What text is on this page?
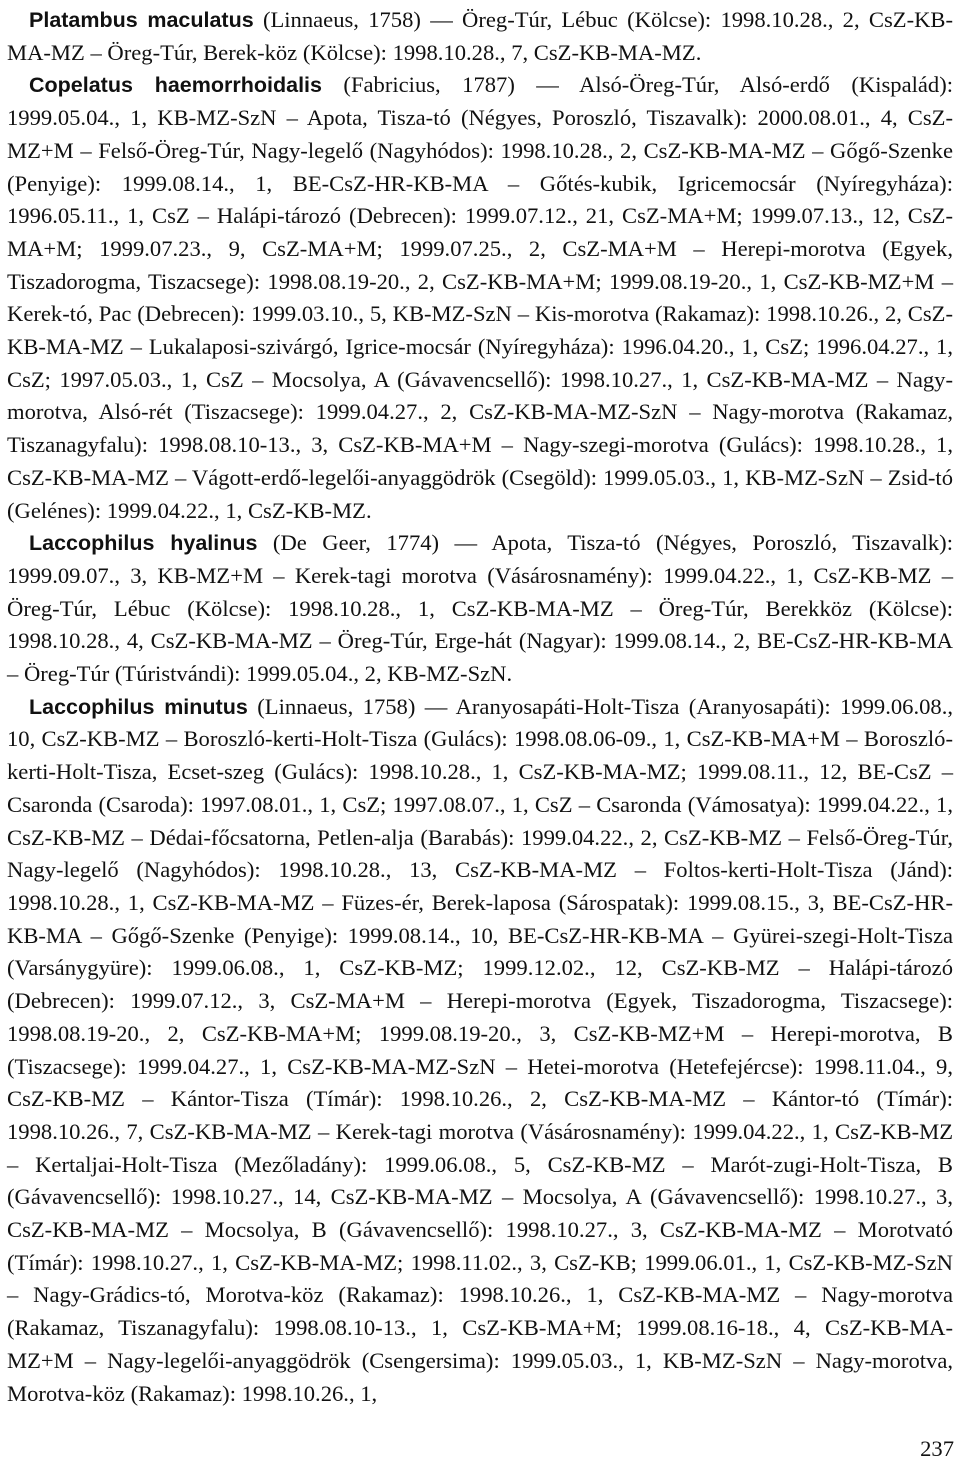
Platambus maculatus (Linnaeus, 1758) — Öreg-Túr, Lébuc (Kölcse): 1998.10.28., 2, CsZ-KB-MA-MZ – Öreg-Túr, Berek-köz (Kölcse): 1998.10.28., 7, CsZ-KB-MA-MZ.

Copelatus haemorrhoidalis (Fabricius, 1787) — Alsó-Öreg-Túr, Alsó-erdő (Kispalád): 1999.05.04., 1, KB-MZ-SzN – Apota, Tisza-tó (Négyes, Poroszló, Tiszavalk): 2000.08.01., 4, CsZ-MZ+M – Felső-Öreg-Túr, Nagy-legelő (Nagyhódos): 1998.10.28., 2, CsZ-KB-MA-MZ – Gőgő-Szenke (Penyige): 1999.08.14., 1, BE-CsZ-HR-KB-MA – Gőtés-kubik, Igricemocsár (Nyíregyháza): 1996.05.11., 1, CsZ – Halápi-tározó (Debrecen): 1999.07.12., 21, CsZ-MA+M; 1999.07.13., 12, CsZ-MA+M; 1999.07.23., 9, CsZ-MA+M; 1999.07.25., 2, CsZ-MA+M – Herepi-morotva (Egyek, Tiszadorogma, Tiszacsege): 1998.08.19-20., 2, CsZ-KB-MA+M; 1999.08.19-20., 1, CsZ-KB-MZ+M – Kerek-tó, Pac (Debrecen): 1999.03.10., 5, KB-MZ-SzN – Kis-morotva (Rakamaz): 1998.10.26., 2, CsZ-KB-MA-MZ – Lukalaposi-szivárgó, Igrice-mocsár (Nyíregyháza): 1996.04.20., 1, CsZ; 1996.04.27., 1, CsZ; 1997.05.03., 1, CsZ – Mocsolya, A (Gávavencsellő): 1998.10.27., 1, CsZ-KB-MA-MZ – Nagy-morotva, Alsó-rét (Tiszacsege): 1999.04.27., 2, CsZ-KB-MA-MZ-SzN – Nagy-morotva (Rakamaz, Tiszanagyfalu): 1998.08.10-13., 3, CsZ-KB-MA+M – Nagy-szegi-morotva (Gulács): 1998.10.28., 1, CsZ-KB-MA-MZ – Vágott-erdő-legelői-anyaggödrök (Csegöld): 1999.05.03., 1, KB-MZ-SzN – Zsid-tó (Gelénes): 1999.04.22., 1, CsZ-KB-MZ.

Laccophilus hyalinus (De Geer, 1774) — Apota, Tisza-tó (Négyes, Poroszló, Tiszavalk): 1999.09.07., 3, KB-MZ+M – Kerek-tagi morotva (Vásárosnamény): 1999.04.22., 1, CsZ-KB-MZ – Öreg-Túr, Lébuc (Kölcse): 1998.10.28., 1, CsZ-KB-MA-MZ – Öreg-Túr, Berekköz (Kölcse): 1998.10.28., 4, CsZ-KB-MA-MZ – Öreg-Túr, Erge-hát (Nagyar): 1999.08.14., 2, BE-CsZ-HR-KB-MA – Öreg-Túr (Túristvándi): 1999.05.04., 2, KB-MZ-SzN.

Laccophilus minutus (Linnaeus, 1758) — Aranyosapáti-Holt-Tisza (Aranyosapáti): 1999.06.08., 10, CsZ-KB-MZ – Boroszló-kerti-Holt-Tisza (Gulács): 1998.08.06-09., 1, CsZ-KB-MA+M – Boroszló-kerti-Holt-Tisza, Ecset-szeg (Gulács): 1998.10.28., 1, CsZ-KB-MA-MZ; 1999.08.11., 12, BE-CsZ – Csaronda (Csaroda): 1997.08.01., 1, CsZ; 1997.08.07., 1, CsZ – Csaronda (Vámosatya): 1999.04.22., 1, CsZ-KB-MZ – Dédai-főcsatorna, Petlen-alja (Barabás): 1999.04.22., 2, CsZ-KB-MZ – Felső-Öreg-Túr, Nagy-legelő (Nagyhódos): 1998.10.28., 13, CsZ-KB-MA-MZ – Foltos-kerti-Holt-Tisza (Jánd): 1998.10.28., 1, CsZ-KB-MA-MZ – Füzes-ér, Berek-laposa (Sárospatak): 1999.08.15., 3, BE-CsZ-HR-KB-MA – Gőgő-Szenke (Penyige): 1999.08.14., 10, BE-CsZ-HR-KB-MA – Gyürei-szegi-Holt-Tisza (Varsánygyüre): 1999.06.08., 1, CsZ-KB-MZ; 1999.12.02., 12, CsZ-KB-MZ – Halápi-tározó (Debrecen): 1999.07.12., 3, CsZ-MA+M – Herepi-morotva (Egyek, Tiszadorogma, Tiszacsege): 1998.08.19-20., 2, CsZ-KB-MA+M; 1999.08.19-20., 3, CsZ-KB-MZ+M – Herepi-morotva, B (Tiszacsege): 1999.04.27., 1, CsZ-KB-MA-MZ-SzN – Hetei-morotva (Hetefejércse): 1998.11.04., 9, CsZ-KB-MZ – Kántor-Tisza (Tímár): 1998.10.26., 2, CsZ-KB-MA-MZ – Kántor-tó (Tímár): 1998.10.26., 7, CsZ-KB-MA-MZ – Kerek-tagi morotva (Vásárosnamény): 1999.04.22., 1, CsZ-KB-MZ – Kertaljai-Holt-Tisza (Mezőladány): 1999.06.08., 5, CsZ-KB-MZ – Marót-zugi-Holt-Tisza, B (Gávavencsellő): 1998.10.27., 14, CsZ-KB-MA-MZ – Mocsolya, A (Gávavencsellő): 1998.10.27., 3, CsZ-KB-MA-MZ – Mocsolya, B (Gávavencsellő): 1998.10.27., 3, CsZ-KB-MA-MZ – Morotvató (Tímár): 1998.10.27., 1, CsZ-KB-MA-MZ; 1998.11.02., 3, CsZ-KB; 1999.06.01., 1, CsZ-KB-MZ-SzN – Nagy-Grádics-tó, Morotva-köz (Rakamaz): 1998.10.26., 1, CsZ-KB-MA-MZ – Nagy-morotva (Rakamaz, Tiszanagyfalu): 1998.08.10-13., 1, CsZ-KB-MA+M; 1999.08.16-18., 4, CsZ-KB-MA-MZ+M – Nagy-legelői-anyaggödrök (Csengersima): 1999.05.03., 1, KB-MZ-SzN – Nagy-morotva, Morotva-köz (Rakamaz): 1998.10.26., 1,

237
